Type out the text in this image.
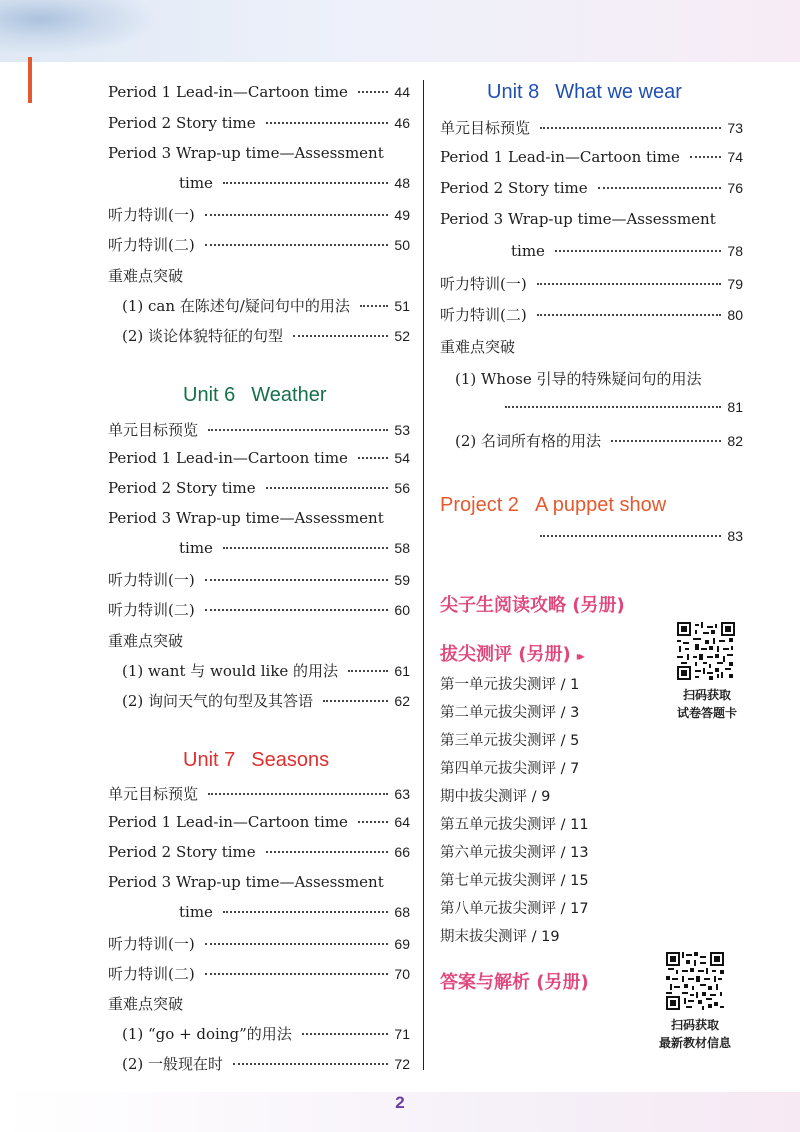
Period 1 Lead-in—Cartoon time	44
Period 2 Story time	46
Period 3 Wrap-up time—Assessment
time	48
听力特训(一)	49
听力特训(二)	50
重难点突破
(1) can 在陈述句/疑问句中的用法	51
(2) 谈论体貌特征的句型	52
Unit 6 Weather
单元目标预览	53
Period 1 Lead-in—Cartoon time	54
Period 2 Story time	56
Period 3 Wrap-up time—Assessment
time	58
听力特训(一)	59
听力特训(二)	60
重难点突破
(1) want 与 would like 的用法	61
(2) 询问天气的句型及其答语	62
Unit 7 Seasons
单元目标预览	63
Period 1 Lead-in—Cartoon time	64
Period 2 Story time	66
Period 3 Wrap-up time—Assessment
time	68
听力特训(一)	69
听力特训(二)	70
重难点突破
(1) “go + doing”的用法	71
(2) 一般现在时	72
Unit 8 What we wear
单元目标预览	73
Period 1 Lead-in—Cartoon time	74
Period 2 Story time	76
Period 3 Wrap-up time—Assessment
time	78
听力特训(一)	79
听力特训(二)	80
重难点突破
(1) Whose 引导的特殊疑问句的用法
81
(2) 名词所有格的用法	82
Project 2 A puppet show
83
尖子生阅读攻略 (另册)
拔尖测评 (另册) ▸▸
第一单元拔尖测评 / 1
第二单元拔尖测评 / 3
第三单元拔尖测评 / 5
第四单元拔尖测评 / 7
期中拔尖测评 / 9
第五单元拔尖测评 / 11
第六单元拔尖测评 / 13
第七单元拔尖测评 / 15
第八单元拔尖测评 / 17
期末拔尖测评 / 19
扫码获取
试卷答题卡
答案与解析 (另册)
扫码获取
最新教材信息
2
